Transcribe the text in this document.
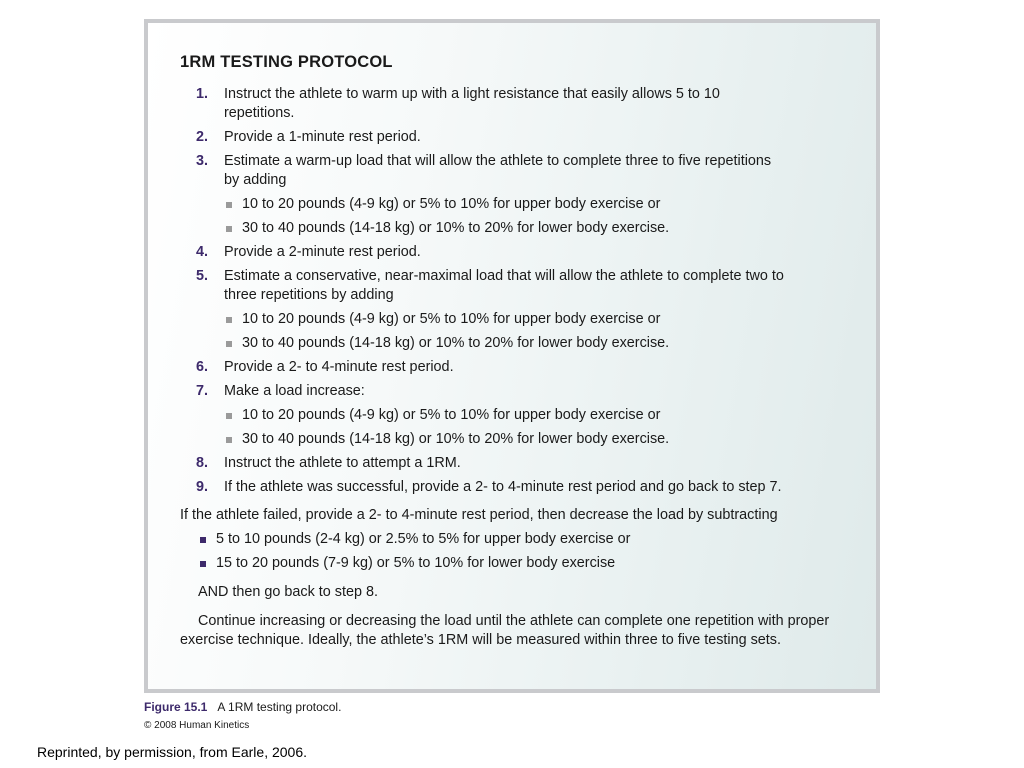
1RM TESTING PROTOCOL
1. Instruct the athlete to warm up with a light resistance that easily allows 5 to 10
repetitions.
2. Provide a 1-minute rest period.
3. Estimate a warm-up load that will allow the athlete to complete three to five repetitions
by adding
10 to 20 pounds (4-9 kg) or 5% to 10% for upper body exercise or
30 to 40 pounds (14-18 kg) or 10% to 20% for lower body exercise.
4. Provide a 2-minute rest period.
5. Estimate a conservative, near-maximal load that will allow the athlete to complete two to
three repetitions by adding
10 to 20 pounds (4-9 kg) or 5% to 10% for upper body exercise or
30 to 40 pounds (14-18 kg) or 10% to 20% for lower body exercise.
6. Provide a 2- to 4-minute rest period.
7. Make a load increase:
10 to 20 pounds (4-9 kg) or 5% to 10% for upper body exercise or
30 to 40 pounds (14-18 kg) or 10% to 20% for lower body exercise.
8. Instruct the athlete to attempt a 1RM.
9. If the athlete was successful, provide a 2- to 4-minute rest period and go back to step 7.
If the athlete failed, provide a 2- to 4-minute rest period, then decrease the load by subtracting
5 to 10 pounds (2-4 kg) or 2.5% to 5% for upper body exercise or
15 to 20 pounds (7-9 kg) or 5% to 10% for lower body exercise
AND then go back to step 8.
Continue increasing or decreasing the load until the athlete can complete one repetition with proper exercise technique. Ideally, the athlete’s 1RM will be measured within three to five testing sets.
Figure 15.1 A 1RM testing protocol.
© 2008 Human Kinetics
Reprinted, by permission, from Earle, 2006.
